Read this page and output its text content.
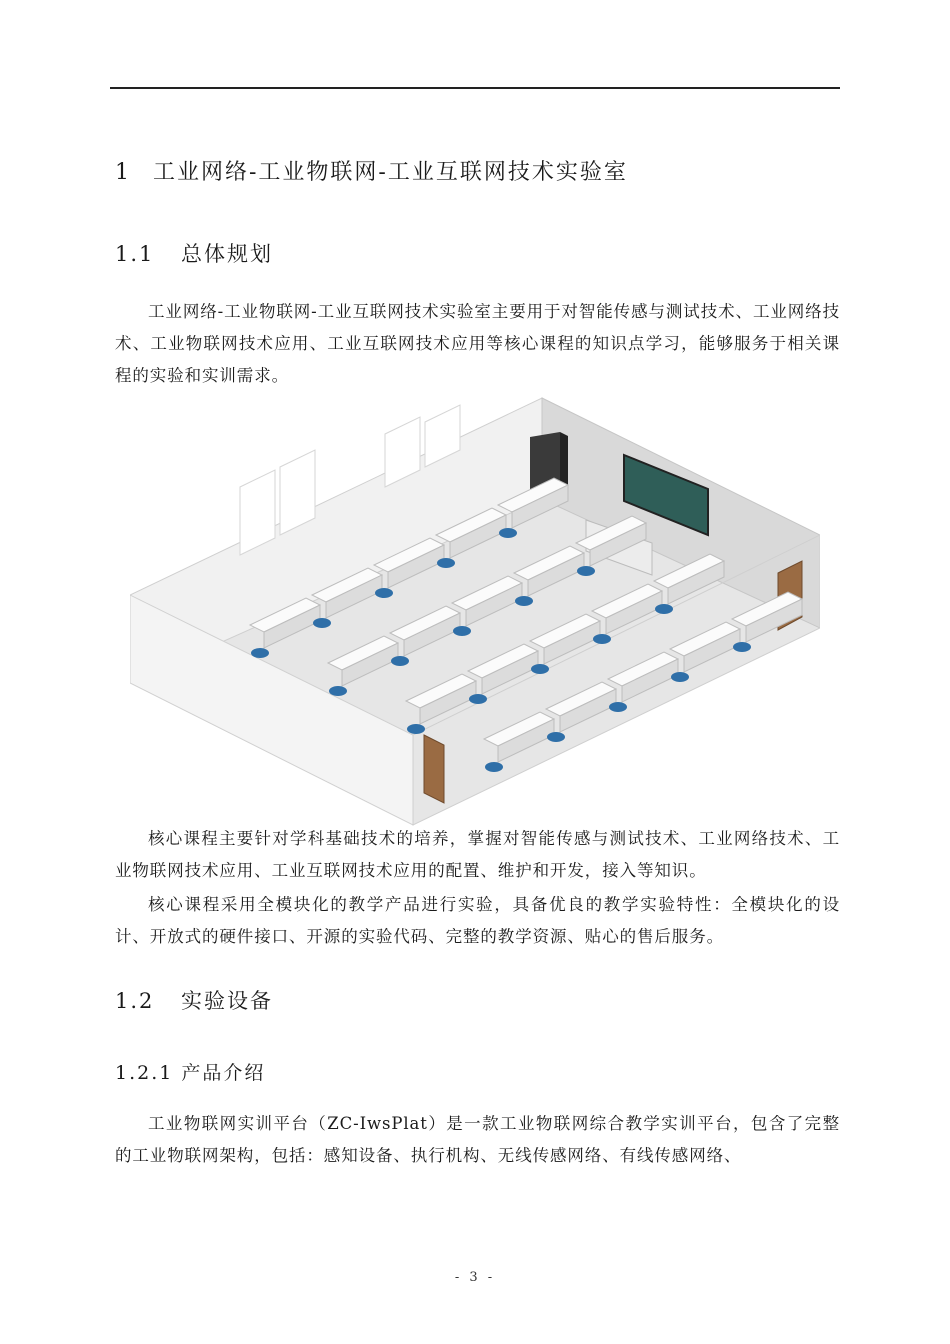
1 工业网络-工业物联网-工业互联网技术实验室
1.1 总体规划
工业网络-工业物联网-工业互联网技术实验室主要用于对智能传感与测试技术、工业网络技术、工业物联网技术应用、工业互联网技术应用等核心课程的知识点学习，能够服务于相关课程的实验和实训需求。
核心课程主要针对学科基础技术的培养，掌握对智能传感与测试技术、工业网络技术、工业物联网技术应用、工业互联网技术应用的配置、维护和开发，接入等知识。
核心课程采用全模块化的教学产品进行实验，具备优良的教学实验特性：全模块化的设计、开放式的硬件接口、开源的实验代码、完整的教学资源、贴心的售后服务。
1.2 实验设备
1.2.1 产品介绍
工业物联网实训平台（ZC-IwsPlat）是一款工业物联网综合教学实训平台，包含了完整的工业物联网架构，包括：感知设备、执行机构、无线传感网络、有线传感网络、
- 3 -
